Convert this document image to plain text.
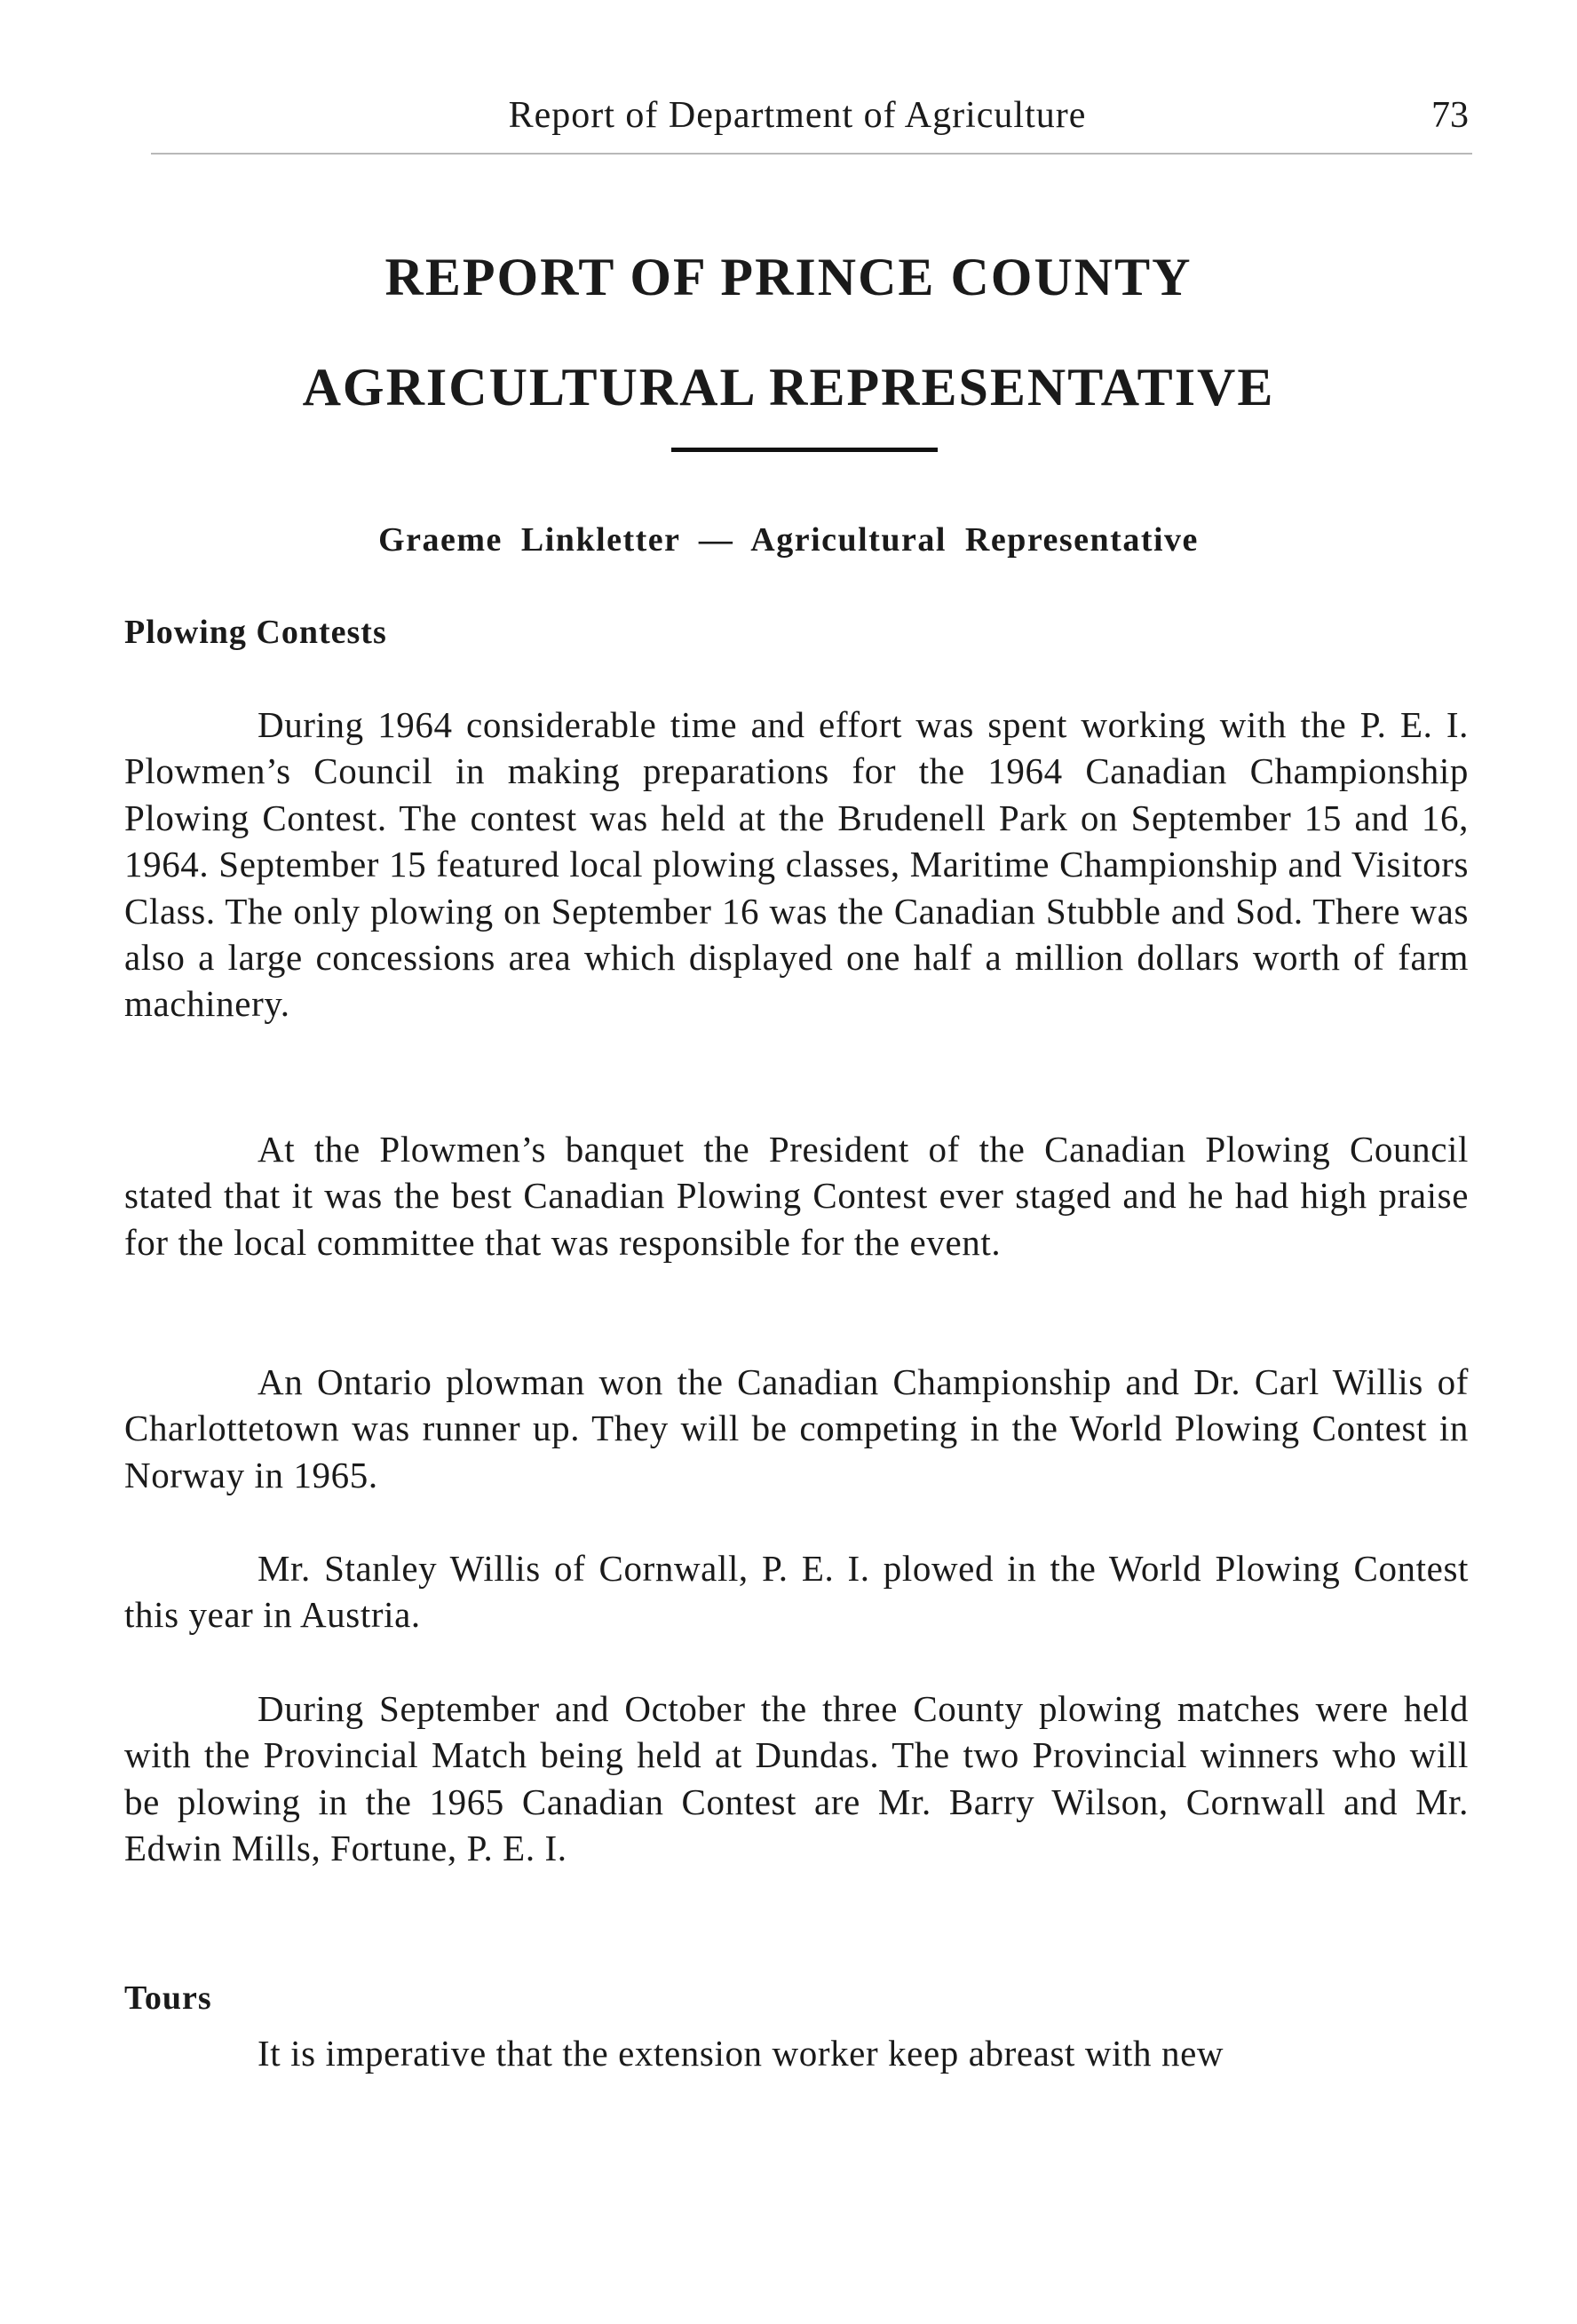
Report of Department of Agriculture	73
REPORT OF PRINCE COUNTY
AGRICULTURAL REPRESENTATIVE
Graeme Linkletter — Agricultural Representative
Plowing Contests

During 1964 considerable time and effort was spent working with the P. E. I. Plowmen’s Council in making preparations for the 1964 Canadian Championship Plowing Contest. The contest was held at the Brudenell Park on September 15 and 16, 1964. September 15 featured local plowing classes, Maritime Championship and Visitors Class. The only plowing on September 16 was the Canadian Stubble and Sod. There was also a large concessions area which displayed one half a million dollars worth of farm machinery.

At the Plowmen’s banquet the President of the Canadian Plowing Council stated that it was the best Canadian Plowing Contest ever staged and he had high praise for the local committee that was responsible for the event.

An Ontario plowman won the Canadian Championship and Dr. Carl Willis of Charlottetown was runner up. They will be competing in the World Plowing Contest in Norway in 1965.

Mr. Stanley Willis of Cornwall, P. E. I. plowed in the World Plowing Contest this year in Austria.

During September and October the three County plowing matches were held with the Provincial Match being held at Dundas. The two Provincial winners who will be plowing in the 1965 Canadian Contest are Mr. Barry Wilson, Cornwall and Mr. Edwin Mills, Fortune, P. E. I.

Tours

It is imperative that the extension worker keep abreast with new
